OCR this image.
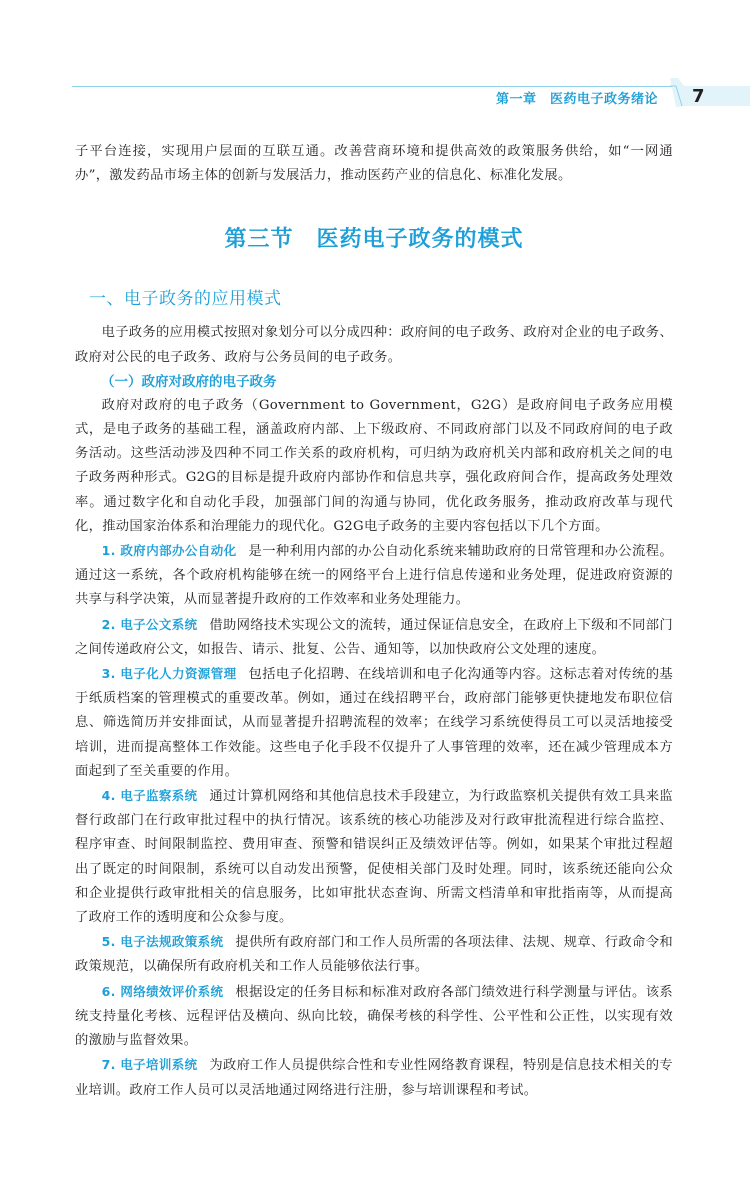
第一章　医药电子政务绪论 7

子平台连接，实现用户层面的互联互通。改善营商环境和提供高效的政策服务供给，如“一网通办”，激发药品市场主体的创新与发展活力，推动医药产业的信息化、标准化发展。

第三节　医药电子政务的模式
一、电子政务的应用模式

电子政务的应用模式按照对象划分可以分成四种：政府间的电子政务、政府对企业的电子政务、政府对公民的电子政务、政府与公务员间的电子政务。

（一）政府对政府的电子政务

政府对政府的电子政务（Government to Government，G2G）是政府间电子政务应用模式，是电子政务的基础工程，涵盖政府内部、上下级政府、不同政府部门以及不同政府间的电子政务活动。这些活动涉及四种不同工作关系的政府机构，可归纳为政府机关内部和政府机关之间的电子政务两种形式。G2G的目标是提升政府内部协作和信息共享，强化政府间合作，提高政务处理效率。通过数字化和自动化手段，加强部门间的沟通与协同，优化政务服务，推动政府改革与现代化，推动国家治体系和治理能力的现代化。G2G电子政务的主要内容包括以下几个方面。

1. 政府内部办公自动化 是一种利用内部的办公自动化系统来辅助政府的日常管理和办公流程。通过这一系统，各个政府机构能够在统一的网络平台上进行信息传递和业务处理，促进政府资源的共享与科学决策，从而显著提升政府的工作效率和业务处理能力。

2. 电子公文系统 借助网络技术实现公文的流转，通过保证信息安全，在政府上下级和不同部门之间传递政府公文，如报告、请示、批复、公告、通知等，以加快政府公文处理的速度。

3. 电子化人力资源管理 包括电子化招聘、在线培训和电子化沟通等内容。这标志着对传统的基于纸质档案的管理模式的重要改革。例如，通过在线招聘平台，政府部门能够更快捷地发布职位信息、筛选简历并安排面试，从而显著提升招聘流程的效率；在线学习系统使得员工可以灵活地接受培训，进而提高整体工作效能。这些电子化手段不仅提升了人事管理的效率，还在减少管理成本方面起到了至关重要的作用。

4. 电子监察系统 通过计算机网络和其他信息技术手段建立，为行政监察机关提供有效工具来监督行政部门在行政审批过程中的执行情况。该系统的核心功能涉及对行政审批流程进行综合监控、程序审查、时间限制监控、费用审查、预警和错误纠正及绩效评估等。例如，如果某个审批过程超出了既定的时间限制，系统可以自动发出预警，促使相关部门及时处理。同时，该系统还能向公众和企业提供行政审批相关的信息服务，比如审批状态查询、所需文档清单和审批指南等，从而提高了政府工作的透明度和公众参与度。

5. 电子法规政策系统 提供所有政府部门和工作人员所需的各项法律、法规、规章、行政命令和政策规范，以确保所有政府机关和工作人员能够依法行事。

6. 网络绩效评价系统 根据设定的任务目标和标准对政府各部门绩效进行科学测量与评估。该系统支持量化考核、远程评估及横向、纵向比较，确保考核的科学性、公平性和公正性，以实现有效的激励与监督效果。

7. 电子培训系统 为政府工作人员提供综合性和专业性网络教育课程，特别是信息技术相关的专业培训。政府工作人员可以灵活地通过网络进行注册，参与培训课程和考试。
